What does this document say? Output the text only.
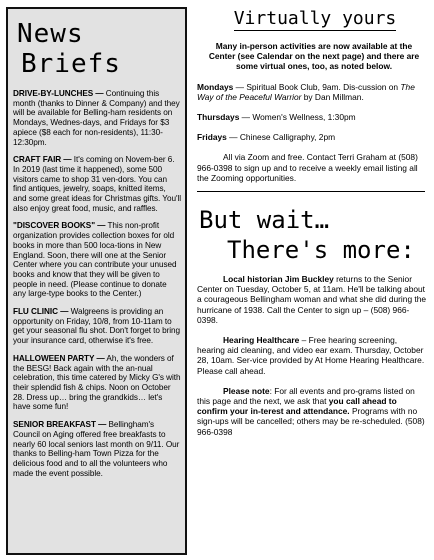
News
Briefs

DRIVE-BY-LUNCHES — Continuing this month (thanks to Dinner & Company) and they will be available for Belling-ham residents on Mondays, Wednes-days, and Fridays for $3 apiece ($8 each for non-residents), 11:30-12:30pm.

CRAFT FAIR — It's coming on Novem-ber 6. In 2019 (last time it happened), some 500 visitors came to shop 31 ven-dors. You can find antiques, jewelry, soaps, knitted items, and some great ideas for Christmas gifts. You'll also enjoy great food, music, and raffles.

"DISCOVER BOOKS" — This non-profit organization provides collection boxes for old books in more than 500 loca-tions in New England. Soon, there will one at the Senior Center where you can contribute your unused books and know that they will be given to people in need. (Please continue to donate any large-type books to the Center.)

FLU CLINIC — Walgreens is providing an opportunity on Friday, 10/8, from 10-11am to get your seasonal flu shot. Don't forget to bring your insurance card, otherwise it's free.

HALLOWEEN PARTY — Ah, the wonders of the BESG! Back again with the an-nual celebration, this time catered by Micky G's with their splendid fish & chips. Noon on October 28. Dress up… bring the grandkids… let's have some fun!

SENIOR BREAKFAST — Bellingham's Council on Aging offered free breakfasts to nearly 60 local seniors last month on 9/11. Our thanks to Belling-ham Town Pizza for the delicious food and to all the volunteers who made the event possible.

Virtually yours

Many in-person activities are now available at the Center (see Calendar on the next page) and there are some virtual ones, too, as noted below.

Mondays — Spiritual Book Club, 9am. Dis-cussion on The Way of the Peaceful Warrior by Dan Millman.

Thursdays — Women's Wellness, 1:30pm

Fridays — Chinese Calligraphy, 2pm

All via Zoom and free. Contact Terri Graham at (508) 966-0398 to sign up and to receive a weekly email listing all the Zooming opportunities.

But wait…
There's more:

Local historian Jim Buckley returns to the Senior Center on Tuesday, October 5, at 11am. He'll be talking about a courageous Bellingham woman and what she did during the hurricane of 1938. Call the Center to sign up – (508) 966-0398.

Hearing Healthcare – Free hearing screening, hearing aid cleaning, and video ear exam. Thursday, October 28, 10am. Ser-vice provided by At Home Hearing Healthcare. Please call ahead.

Please note: For all events and pro-grams listed on this page and the next, we ask that you call ahead to confirm your in-terest and attendance. Programs with no sign-ups will be cancelled; others may be re-scheduled. (508) 966-0398
